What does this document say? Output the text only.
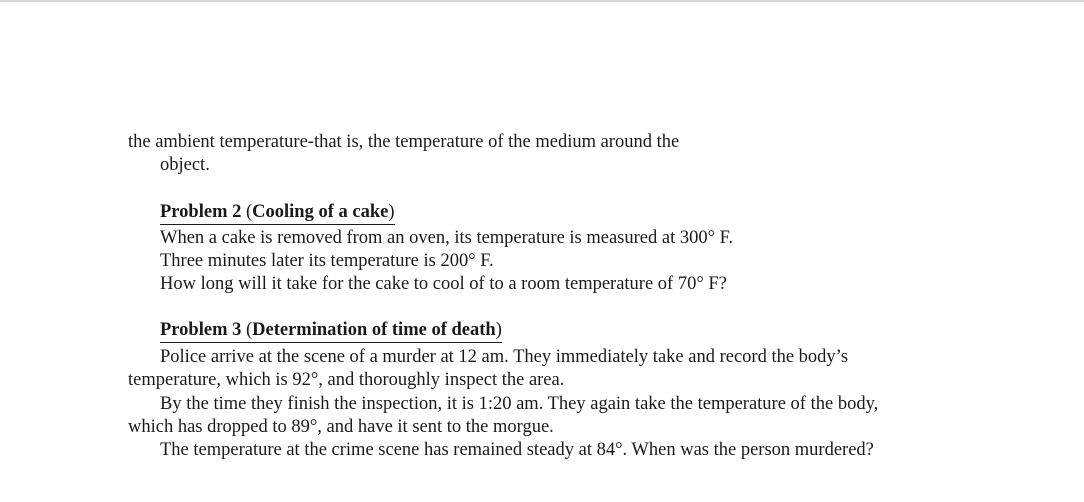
the ambient temperature-that is, the temperature of the medium around the
object.
Problem 2 (Cooling of a cake)
When a cake is removed from an oven, its temperature is measured at 300° F.
Three minutes later its temperature is 200° F.
How long will it take for the cake to cool of to a room temperature of 70° F?
Problem 3 (Determination of time of death)
Police arrive at the scene of a murder at 12 am. They immediately take and record the body’s
temperature, which is 92°, and thoroughly inspect the area.
By the time they finish the inspection, it is 1:20 am. They again take the temperature of the body,
which has dropped to 89°, and have it sent to the morgue.
The temperature at the crime scene has remained steady at 84°. When was the person murdered?
